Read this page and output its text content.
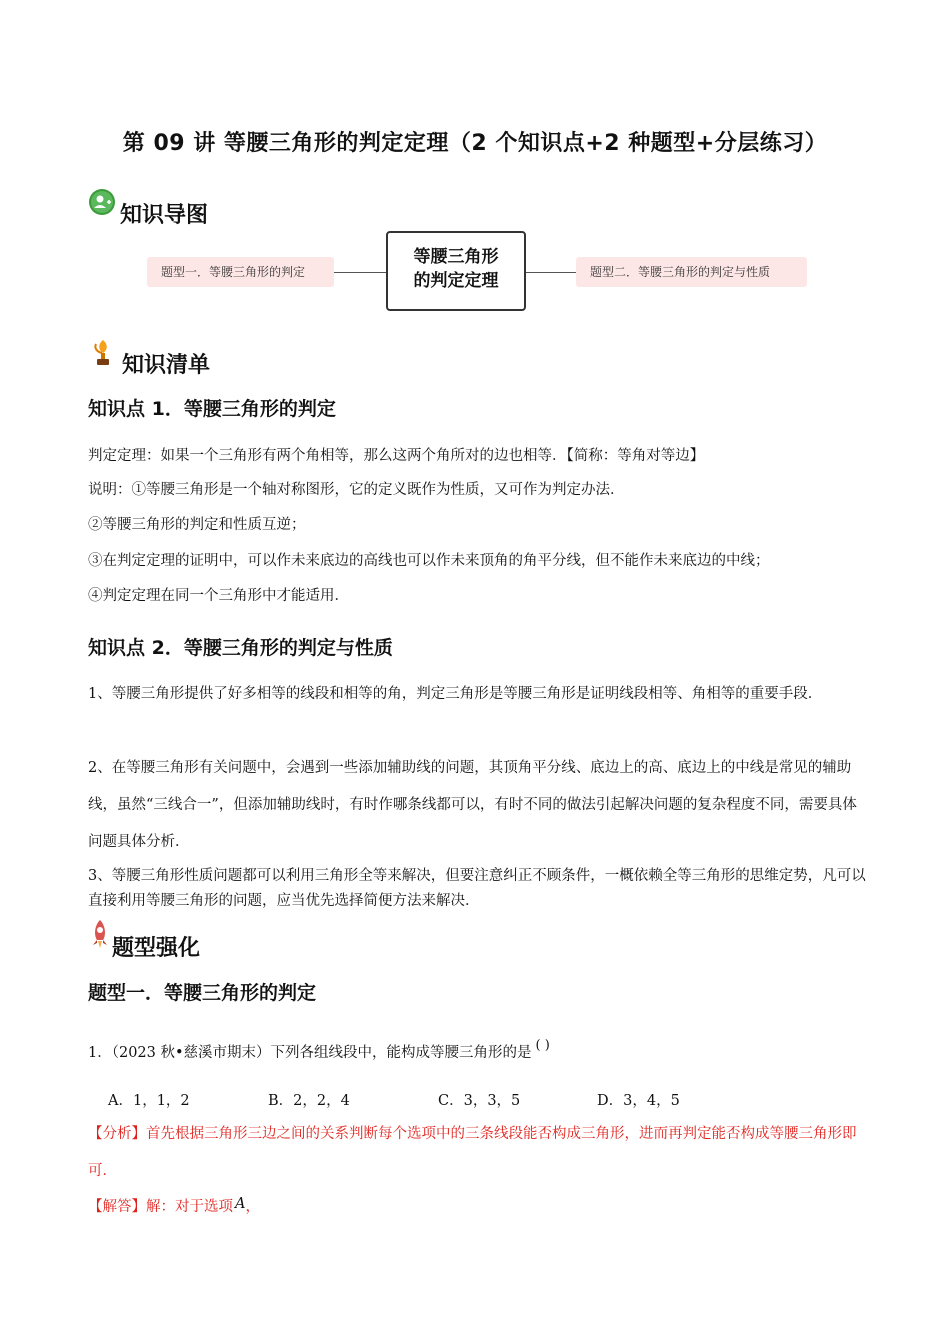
第 09 讲 等腰三角形的判定定理（2 个知识点+2 种题型+分层练习）
知识导图
题型一．等腰三角形的判定
等腰三角形
的判定定理	题型二．等腰三角形的判定与性质
知识清单
知识点 1．等腰三角形的判定
判定定理：如果一个三角形有两个角相等，那么这两个角所对的边也相等．【简称：等角对等边】
说明：①等腰三角形是一个轴对称图形，它的定义既作为性质，又可作为判定办法．
②等腰三角形的判定和性质互逆；
③在判定定理的证明中，可以作未来底边的高线也可以作未来顶角的角平分线，但不能作未来底边的中线；
④判定定理在同一个三角形中才能适用．
知识点 2．等腰三角形的判定与性质
1、等腰三角形提供了好多相等的线段和相等的角，判定三角形是等腰三角形是证明线段相等、角相等的重要手段．
2、在等腰三角形有关问题中，会遇到一些添加辅助线的问题，其顶角平分线、底边上的高、底边上的中线是常见的辅助线，虽然“三线合一”，但添加辅助线时，有时作哪条线都可以，有时不同的做法引起解决问题的复杂程度不同，需要具体问题具体分析．
3、等腰三角形性质问题都可以利用三角形全等来解决，但要注意纠正不顾条件，一概依赖全等三角形的思维定势，凡可以直接利用等腰三角形的问题，应当优先选择简便方法来解决．
题型强化
题型一．等腰三角形的判定
1．（2023 秋•慈溪市期末）下列各组线段中，能构成等腰三角形的是 ( )
A．1，1，2	B．2，2，4	C．3，3，5	D．3，4，5
【分析】首先根据三角形三边之间的关系判断每个选项中的三条线段能否构成三角形，进而再判定能否构成等腰三角形即可．
【解答】解：对于选项 A，
